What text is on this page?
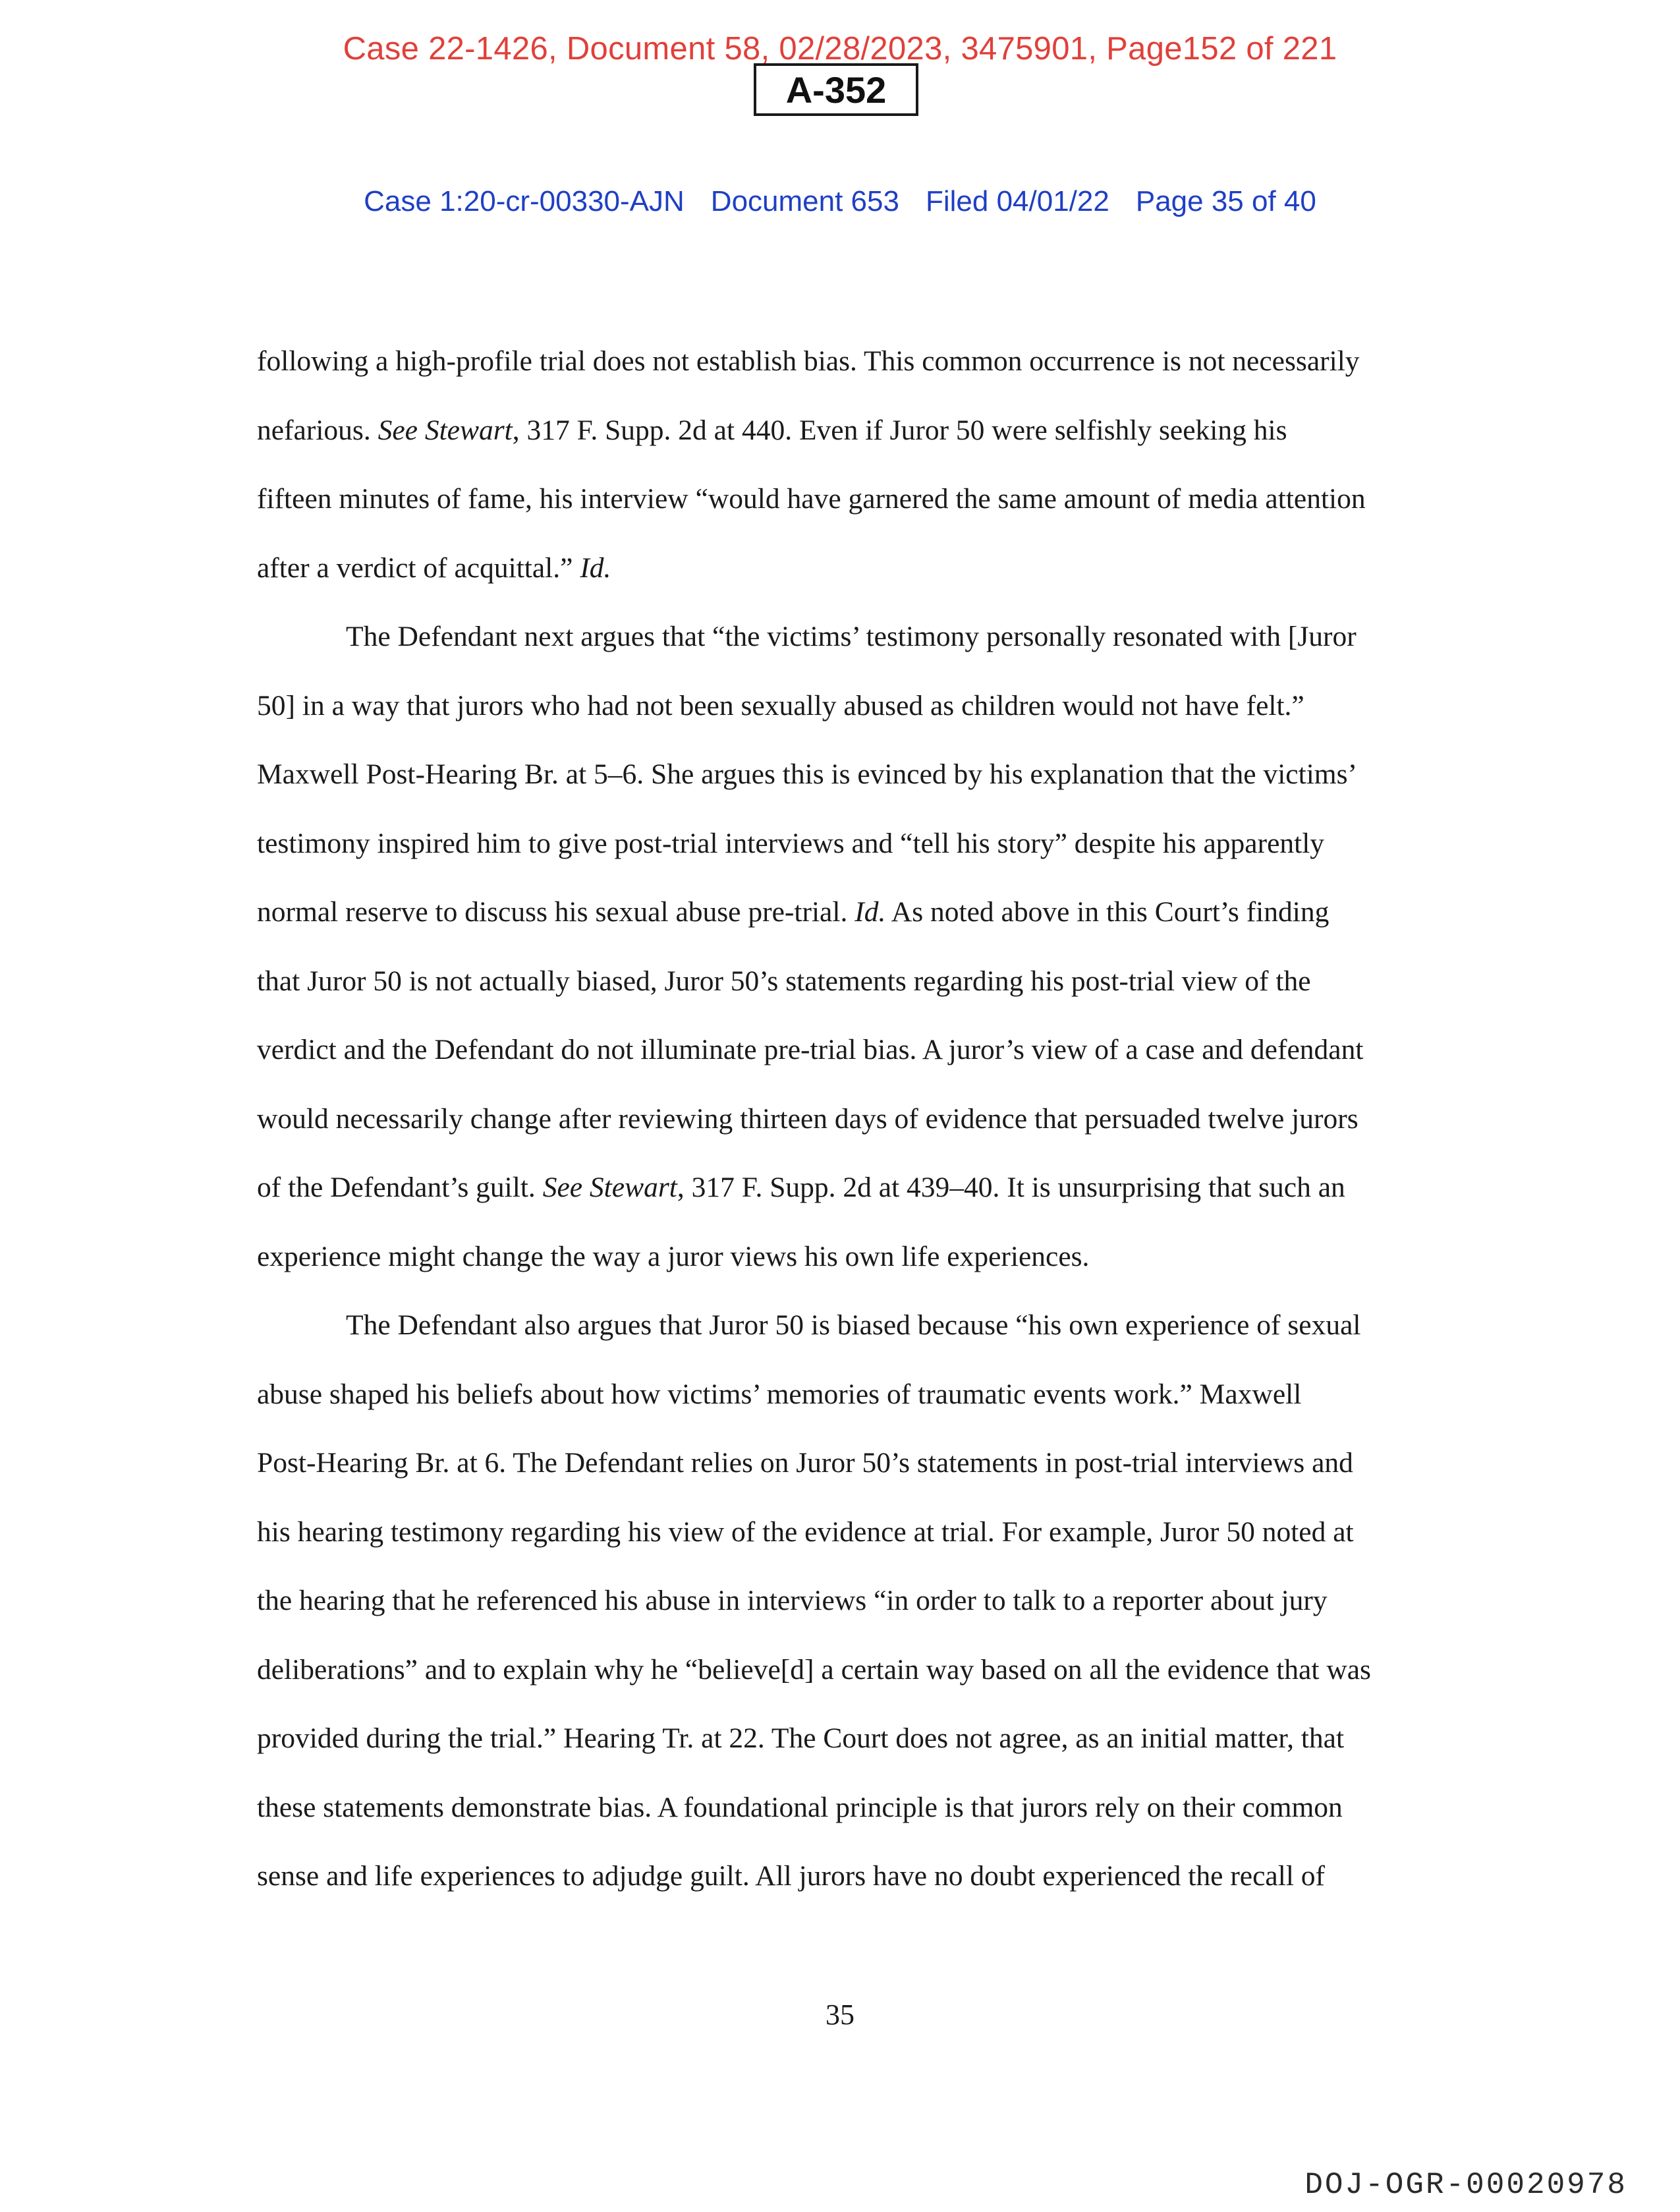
Case 22-1426, Document 58, 02/28/2023, 3475901, Page152 of 221
A-352
Case 1:20-cr-00330-AJN Document 653 Filed 04/01/22 Page 35 of 40
following a high-profile trial does not establish bias. This common occurrence is not necessarily
nefarious. See Stewart, 317 F. Supp. 2d at 440. Even if Juror 50 were selfishly seeking his
fifteen minutes of fame, his interview “would have garnered the same amount of media attention
after a verdict of acquittal.” Id.
The Defendant next argues that “the victims’ testimony personally resonated with [Juror
50] in a way that jurors who had not been sexually abused as children would not have felt.”
Maxwell Post-Hearing Br. at 5–6. She argues this is evinced by his explanation that the victims’
testimony inspired him to give post-trial interviews and “tell his story” despite his apparently
normal reserve to discuss his sexual abuse pre-trial. Id. As noted above in this Court’s finding
that Juror 50 is not actually biased, Juror 50’s statements regarding his post-trial view of the
verdict and the Defendant do not illuminate pre-trial bias. A juror’s view of a case and defendant
would necessarily change after reviewing thirteen days of evidence that persuaded twelve jurors
of the Defendant’s guilt. See Stewart, 317 F. Supp. 2d at 439–40. It is unsurprising that such an
experience might change the way a juror views his own life experiences.
The Defendant also argues that Juror 50 is biased because “his own experience of sexual
abuse shaped his beliefs about how victims’ memories of traumatic events work.” Maxwell
Post-Hearing Br. at 6. The Defendant relies on Juror 50’s statements in post-trial interviews and
his hearing testimony regarding his view of the evidence at trial. For example, Juror 50 noted at
the hearing that he referenced his abuse in interviews “in order to talk to a reporter about jury
deliberations” and to explain why he “believe[d] a certain way based on all the evidence that was
provided during the trial.” Hearing Tr. at 22. The Court does not agree, as an initial matter, that
these statements demonstrate bias. A foundational principle is that jurors rely on their common
sense and life experiences to adjudge guilt. All jurors have no doubt experienced the recall of
35
DOJ-OGR-00020978
